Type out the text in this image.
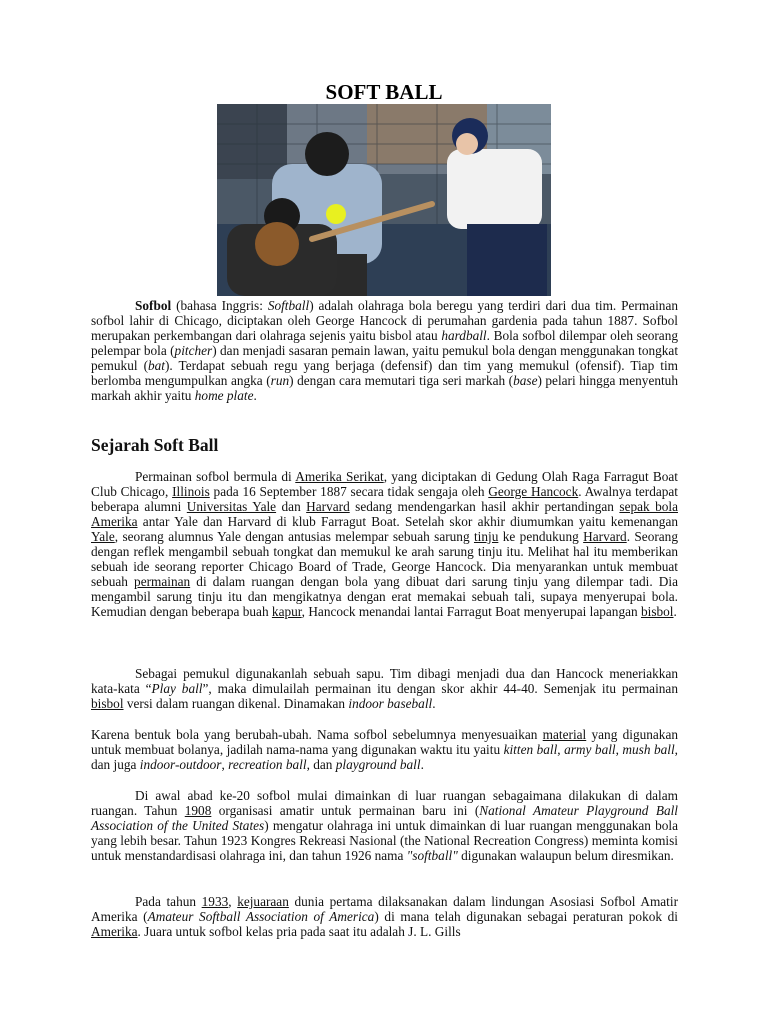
SOFT BALL

Sofbol (bahasa Inggris: Softball) adalah olahraga bola beregu yang terdiri dari dua tim. Permainan sofbol lahir di Chicago, diciptakan oleh George Hancock di perumahan gardenia pada tahun 1887. Sofbol merupakan perkembangan dari olahraga sejenis yaitu bisbol atau hardball. Bola sofbol dilempar oleh seorang pelempar bola (pitcher) dan menjadi sasaran pemain lawan, yaitu pemukul bola dengan menggunakan tongkat pemukul (bat). Terdapat sebuah regu yang berjaga (defensif) dan tim yang memukul (ofensif). Tiap tim berlomba mengumpulkan angka (run) dengan cara memutari tiga seri markah (base) pelari hingga menyentuh markah akhir yaitu home plate.

Sejarah Soft Ball

Permainan sofbol bermula di Amerika Serikat, yang diciptakan di Gedung Olah Raga Farragut Boat Club Chicago, Illinois pada 16 September 1887 secara tidak sengaja oleh George Hancock. Awalnya terdapat beberapa alumni Universitas Yale dan Harvard sedang mendengarkan hasil akhir pertandingan sepak bola Amerika antar Yale dan Harvard di klub Farragut Boat. Setelah skor akhir diumumkan yaitu kemenangan Yale, seorang alumnus Yale dengan antusias melempar sebuah sarung tinju ke pendukung Harvard. Seorang dengan reflek mengambil sebuah tongkat dan memukul ke arah sarung tinju itu. Melihat hal itu memberikan sebuah ide seorang reporter Chicago Board of Trade, George Hancock. Dia menyarankan untuk membuat sebuah permainan di dalam ruangan dengan bola yang dibuat dari sarung tinju yang dilempar tadi. Dia mengambil sarung tinju itu dan mengikatnya dengan erat memakai sebuah tali, supaya menyerupai bola. Kemudian dengan beberapa buah kapur, Hancock menandai lantai Farragut Boat menyerupai lapangan bisbol.

Sebagai pemukul digunakanlah sebuah sapu. Tim dibagi menjadi dua dan Hancock meneriakkan kata-kata “Play ball”, maka dimulailah permainan itu dengan skor akhir 44-40. Semenjak itu permainan bisbol versi dalam ruangan dikenal. Dinamakan indoor baseball.

Karena bentuk bola yang berubah-ubah. Nama sofbol sebelumnya menyesuaikan material yang digunakan untuk membuat bolanya, jadilah nama-nama yang digunakan waktu itu yaitu kitten ball, army ball, mush ball, dan juga indoor-outdoor, recreation ball, dan playground ball.

Di awal abad ke-20 sofbol mulai dimainkan di luar ruangan sebagaimana dilakukan di dalam ruangan. Tahun 1908 organisasi amatir untuk permainan baru ini (National Amateur Playground Ball Association of the United States) mengatur olahraga ini untuk dimainkan di luar ruangan menggunakan bola yang lebih besar. Tahun 1923 Kongres Rekreasi Nasional (the National Recreation Congress) meminta komisi untuk menstandardisasi olahraga ini, dan tahun 1926 nama "softball" digunakan walaupun belum diresmikan.

Pada tahun 1933, kejuaraan dunia pertama dilaksanakan dalam lindungan Asosiasi Sofbol Amatir Amerika (Amateur Softball Association of America) di mana telah digunakan sebagai peraturan pokok di Amerika. Juara untuk sofbol kelas pria pada saat itu adalah J. L. Gills
